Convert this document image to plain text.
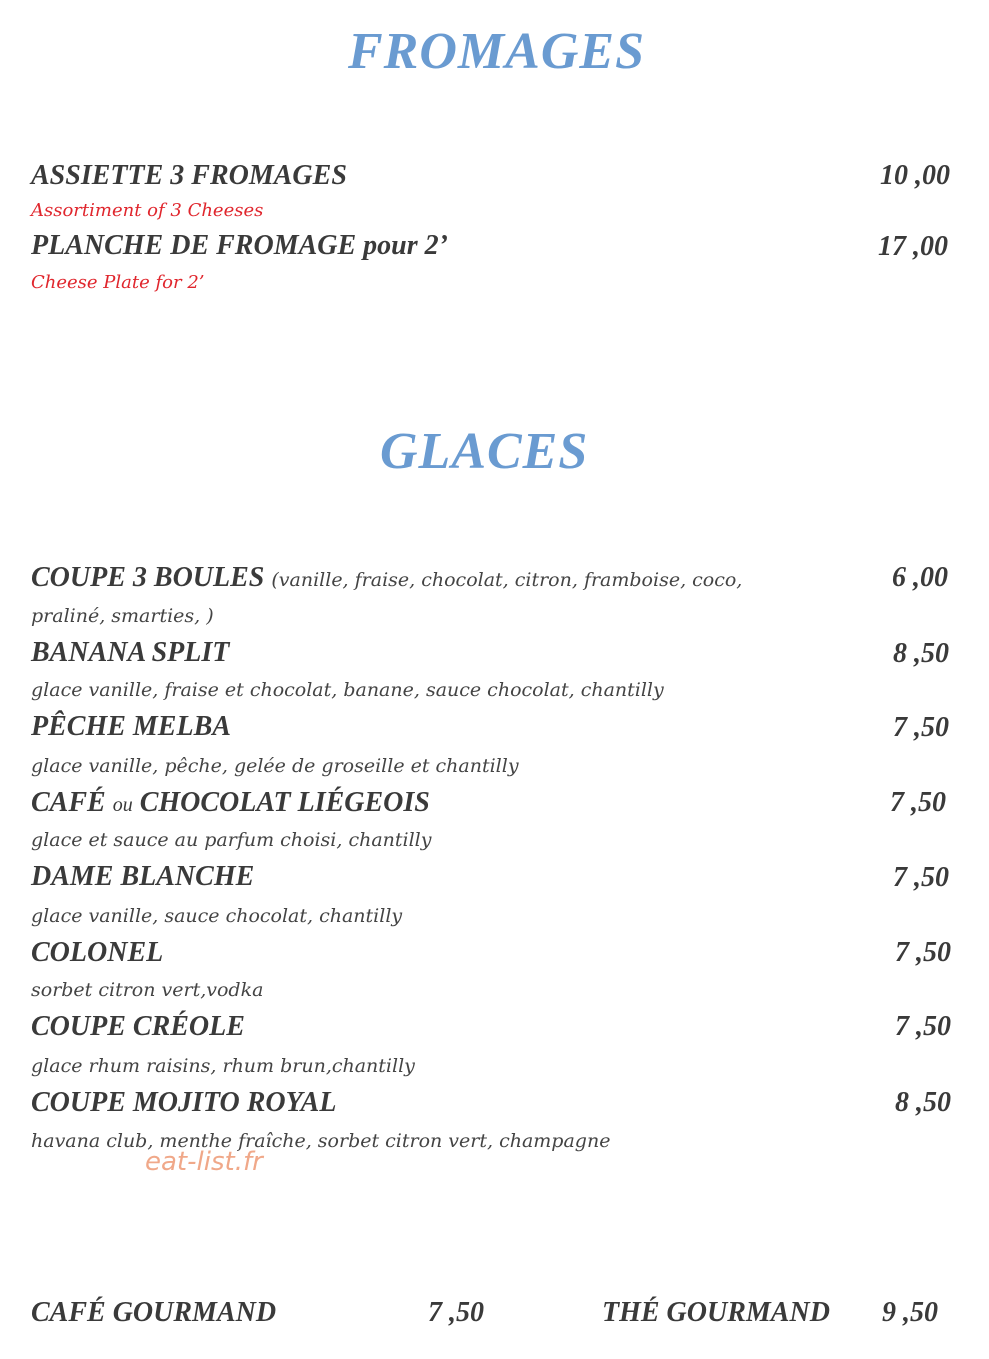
FROMAGES
ASSIETTE 3 FROMAGES	10 ,00
Assortiment of 3 Cheeses
PLANCHE DE FROMAGE pour 2’	17 ,00
Cheese Plate for 2’
GLACES
COUPE 3 BOULES (vanille, fraise, chocolat, citron, framboise, coco,	6 ,00
praliné, smarties, )
BANANA SPLIT	8 ,50
glace vanille, fraise et chocolat, banane, sauce chocolat, chantilly
PÊCHE MELBA	7 ,50
glace vanille, pêche, gelée de groseille et chantilly
CAFÉ ou CHOCOLAT LIÉGEOIS	7 ,50
glace et sauce au parfum choisi, chantilly
DAME BLANCHE	7 ,50
glace vanille, sauce chocolat, chantilly
COLONEL	7 ,50
sorbet citron vert,vodka
COUPE CRÉOLE	7 ,50
glace rhum raisins, rhum brun,chantilly
COUPE MOJITO ROYAL	8 ,50
havana club, menthe fraîche, sorbet citron vert, champagne
eat-list.fr
CAFÉ GOURMAND	7 ,50	THÉ GOURMAND 9 ,50
